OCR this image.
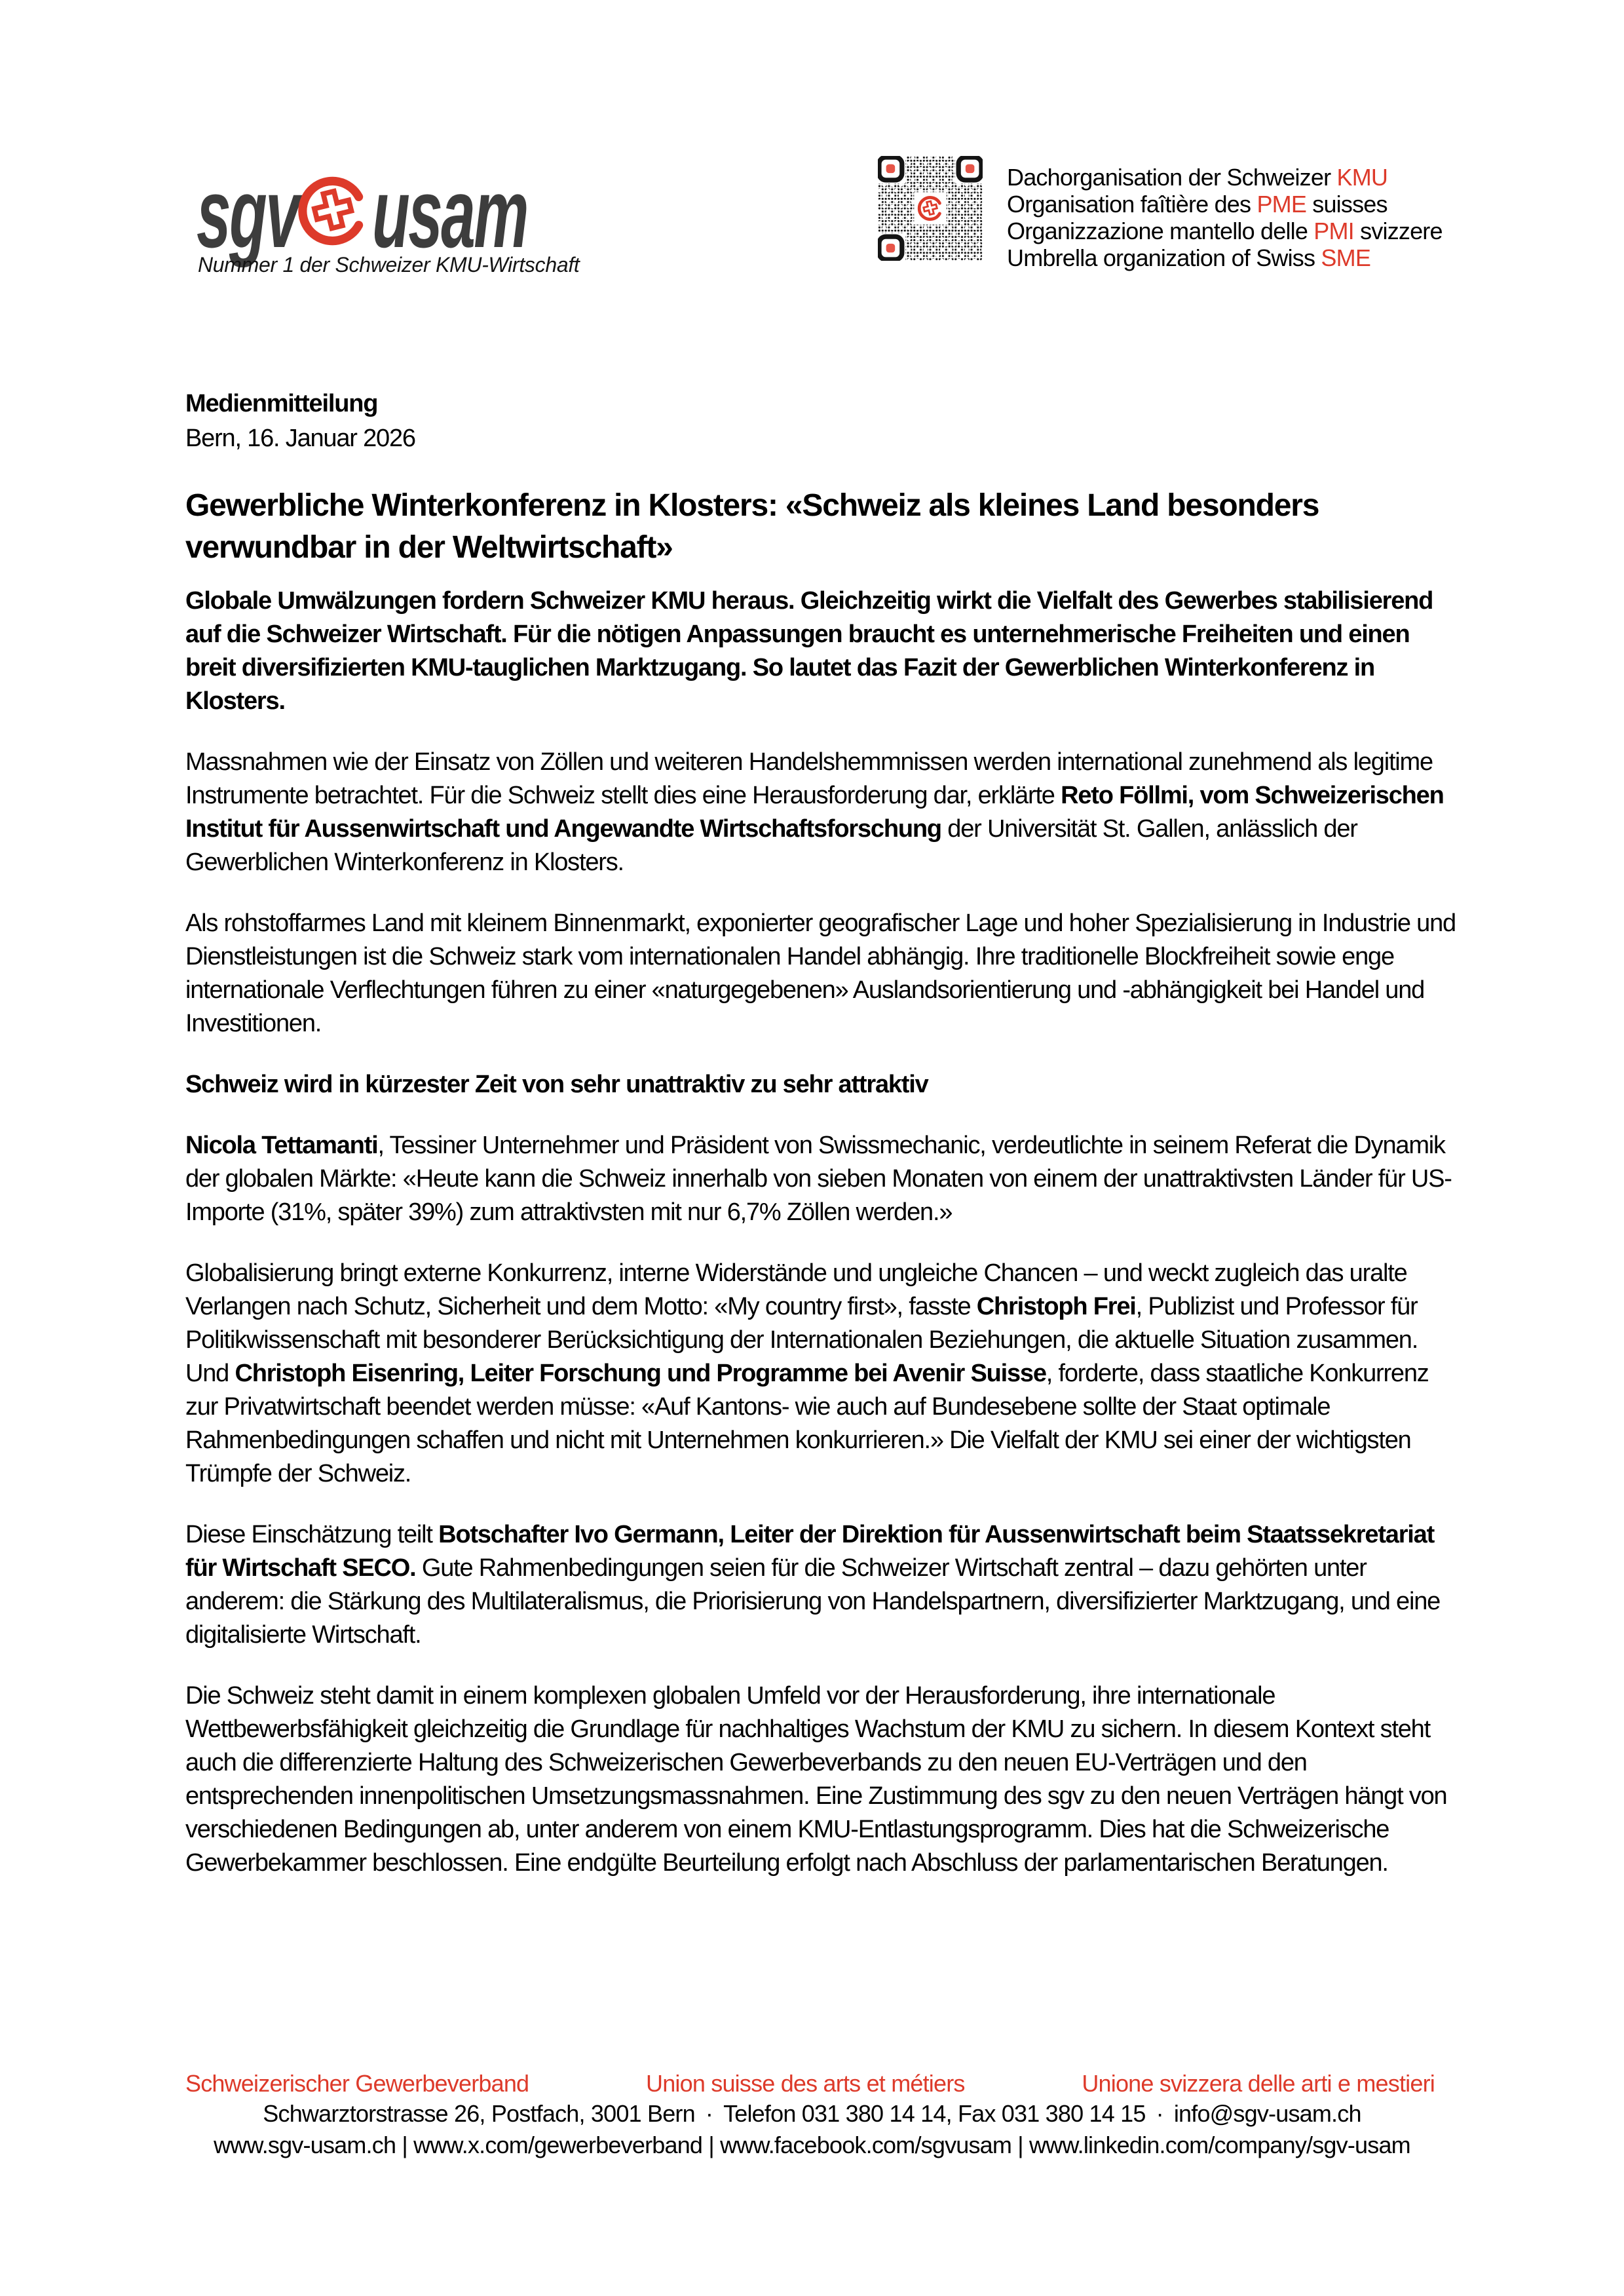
sgv usam
Nummer 1 der Schweizer KMU-Wirtschaft
Dachorganisation der Schweizer KMU
Organisation faîtière des PME suisses
Organizzazione mantello delle PMI svizzere
Umbrella organization of Swiss SME
Medienmitteilung
Bern, 16. Januar 2026
Gewerbliche Winterkonferenz in Klosters: «Schweiz als kleines Land besonders verwundbar in der Weltwirtschaft»

Globale Umwälzungen fordern Schweizer KMU heraus. Gleichzeitig wirkt die Vielfalt des Gewerbes stabilisierend auf die Schweizer Wirtschaft. Für die nötigen Anpassungen braucht es unternehmerische Freiheiten und einen breit diversifizierten KMU-tauglichen Marktzugang. So lautet das Fazit der Gewerblichen Winterkonferenz in Klosters.

Massnahmen wie der Einsatz von Zöllen und weiteren Handelshemmnissen werden international zunehmend als legitime Instrumente betrachtet. Für die Schweiz stellt dies eine Herausforderung dar, erklärte Reto Föllmi, vom Schweizerischen Institut für Aussenwirtschaft und Angewandte Wirtschaftsforschung der Universität St. Gallen, anlässlich der Gewerblichen Winterkonferenz in Klosters.

Als rohstoffarmes Land mit kleinem Binnenmarkt, exponierter geografischer Lage und hoher Spezialisierung in Industrie und Dienstleistungen ist die Schweiz stark vom internationalen Handel abhängig. Ihre traditionelle Blockfreiheit sowie enge internationale Verflechtungen führen zu einer «naturgegebenen» Auslandsorientierung und -abhängigkeit bei Handel und Investitionen.

Schweiz wird in kürzester Zeit von sehr unattraktiv zu sehr attraktiv

Nicola Tettamanti, Tessiner Unternehmer und Präsident von Swissmechanic, verdeutlichte in seinem Referat die Dynamik der globalen Märkte: «Heute kann die Schweiz innerhalb von sieben Monaten von einem der unattraktivsten Länder für US-Importe (31%, später 39%) zum attraktivsten mit nur 6,7% Zöllen werden.»

Globalisierung bringt externe Konkurrenz, interne Widerstände und ungleiche Chancen – und weckt zugleich das uralte Verlangen nach Schutz, Sicherheit und dem Motto: «My country first», fasste Christoph Frei, Publizist und Professor für Politikwissenschaft mit besonderer Berücksichtigung der Internationalen Beziehungen, die aktuelle Situation zusammen. Und Christoph Eisenring, Leiter Forschung und Programme bei Avenir Suisse, forderte, dass staatliche Konkurrenz zur Privatwirtschaft beendet werden müsse: «Auf Kantons- wie auch auf Bundesebene sollte der Staat optimale Rahmenbedingungen schaffen und nicht mit Unternehmen konkurrieren.» Die Vielfalt der KMU sei einer der wichtigsten Trümpfe der Schweiz.

Diese Einschätzung teilt Botschafter Ivo Germann, Leiter der Direktion für Aussenwirtschaft beim Staatssekretariat für Wirtschaft SECO. Gute Rahmenbedingungen seien für die Schweizer Wirtschaft zentral – dazu gehörten unter anderem: die Stärkung des Multilateralismus, die Priorisierung von Handelspartnern, diversifizierter Marktzugang, und eine digitalisierte Wirtschaft.

Die Schweiz steht damit in einem komplexen globalen Umfeld vor der Herausforderung, ihre internationale Wettbewerbsfähigkeit gleichzeitig die Grundlage für nachhaltiges Wachstum der KMU zu sichern. In diesem Kontext steht auch die differenzierte Haltung des Schweizerischen Gewerbeverbands zu den neuen EU-Verträgen und den entsprechenden innenpolitischen Umsetzungsmassnahmen. Eine Zustimmung des sgv zu den neuen Verträgen hängt von verschiedenen Bedingungen ab, unter anderem von einem KMU-Entlastungsprogramm. Dies hat die Schweizerische Gewerbekammer beschlossen. Eine endgülte Beurteilung erfolgt nach Abschluss der parlamentarischen Beratungen.

Schweizerischer Gewerbeverband	Union suisse des arts et métiers	Unione svizzera delle arti e mestieri
Schwarztorstrasse 26, Postfach, 3001 Bern · Telefon 031 380 14 14, Fax 031 380 14 15 · info@sgv-usam.ch
www.sgv-usam.ch | www.x.com/gewerbeverband | www.facebook.com/sgvusam | www.linkedin.com/company/sgv-usam
